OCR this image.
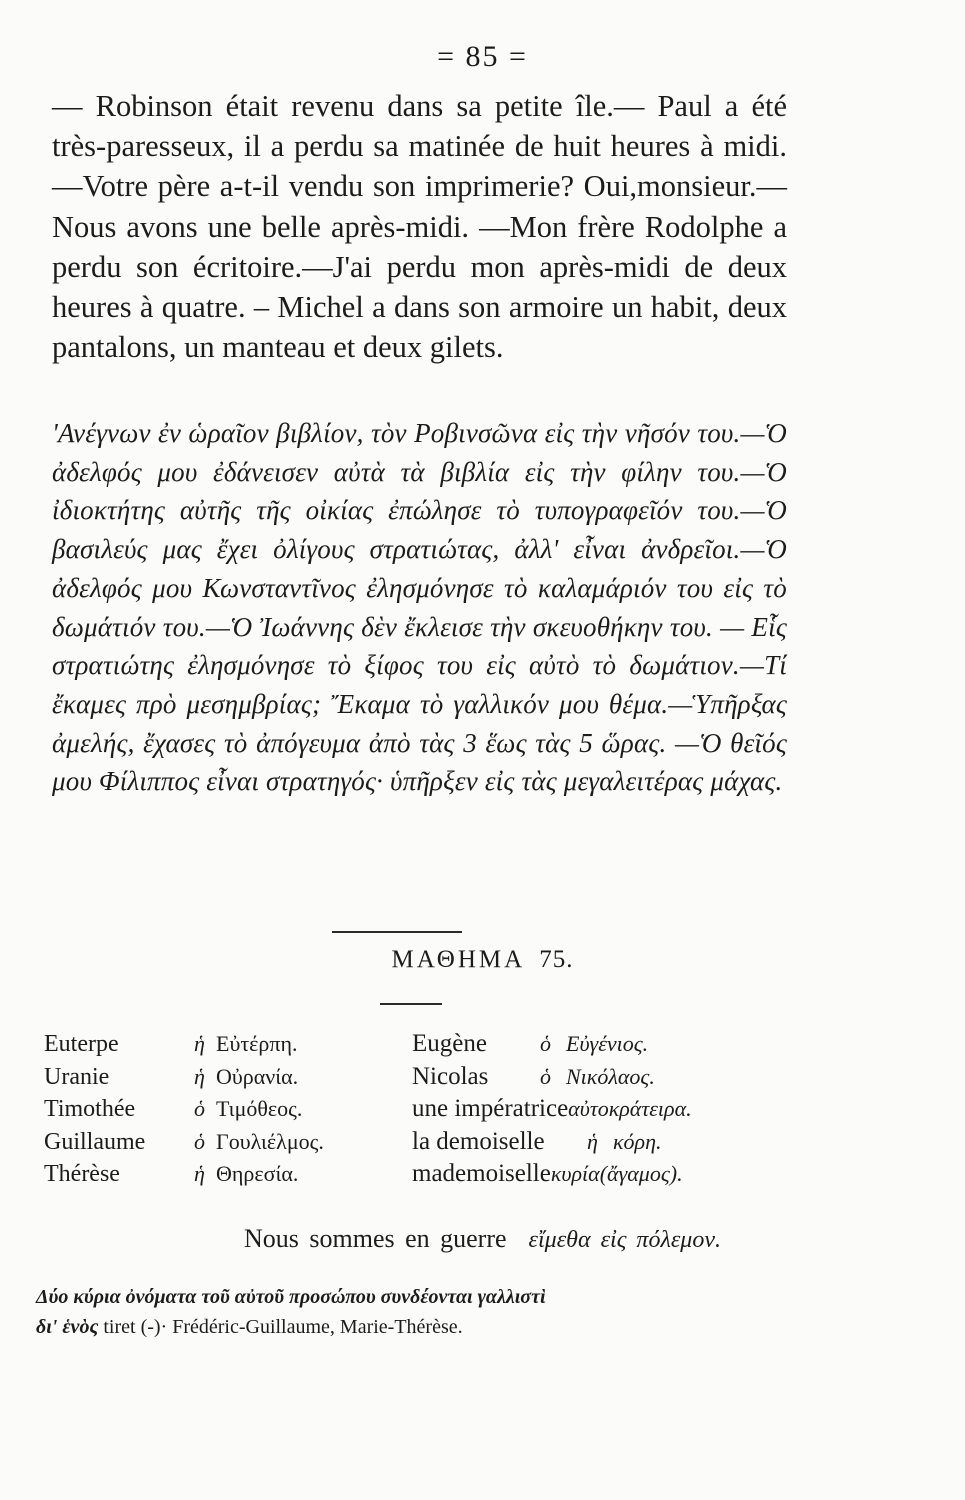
= 85 =
— Robinson était revenu dans sa petite île.— Paul a été très-paresseux, il a perdu sa matinée de huit heures à midi.—Votre père a-t-il vendu son imprimerie? Oui,monsieur.—Nous avons une belle après-midi. —Mon frère Rodolphe a perdu son écritoire.—J'ai perdu mon après-midi de deux heures à quatre. – Michel a dans son armoire un habit, deux pantalons, un manteau et deux gilets.
'Ανέγνων ἐν ὡραῖον βιβλίον, τὸν Ροβινσῶνα εἰς τὴν νῆσόν του.—Ὁ ἀδελφός μου ἐδάνεισεν αὐτὰ τὰ βιβλία εἰς τὴν φίλην του.—Ὁ ἰδιοκτήτης αὐτῆς τῆς οἰκίας ἐπώλησε τὸ τυπογραφεῖόν του.—Ὁ βασιλεύς μας ἔχει ὀλίγους στρατιώτας, ἀλλ' εἶναι ἀνδρεῖοι.—Ὁ ἀδελφός μου Κωνσταντῖνος ἐλησμόνησε τὸ καλαμάριόν του εἰς τὸ δωμάτιόν του.—Ὁ Ἰωάννης δὲν ἔκλεισε τὴν σκευοθήκην του. — Εἷς στρατιώτης ἐλησμόνησε τὸ ξίφος του εἰς αὐτὸ τὸ δωμάτιον.—Τί ἔκαμες πρὸ μεσημβρίας; Ἔκαμα τὸ γαλλικόν μου θέμα.—Ὑπῆρξας ἀμελής, ἔχασες τὸ ἀπόγευμα ἀπὸ τὰς 3 ἕως τὰς 5 ὥρας. —Ὁ θεῖός μου Φίλιππος εἶναι στρατηγός· ὑπῆρξεν εἰς τὰς μεγαλειτέρας μάχας.
ΜΑΘΗΜΑ 75.
Euterpe	ἡ Εὐτέρπη.	Eugène	ὁ Εὐγένιος.
Uranie	ἡ Οὐρανία.	Nicolas	ὁ Νικόλαος.
Timothée	ὁ Τιμόθεος.	une impératrice αὐτοκράτειρα.
Guillaume	ὁ Γουλιέλμος.	la demoiselle	ἡ κόρη.
Thérèse	ἡ Θηρεσία.	mademoiselle κυρία(ἄγαμος).
Nous sommes en guerre εἴμεθα εἰς πόλεμον.
Δύο κύρια ὀνόματα τοῦ αὐτοῦ προσώπου συνδέονται γαλλιστὶ
δι' ἑνὸς tiret (-)· Frédéric-Guillaume, Marie-Thérèse.
